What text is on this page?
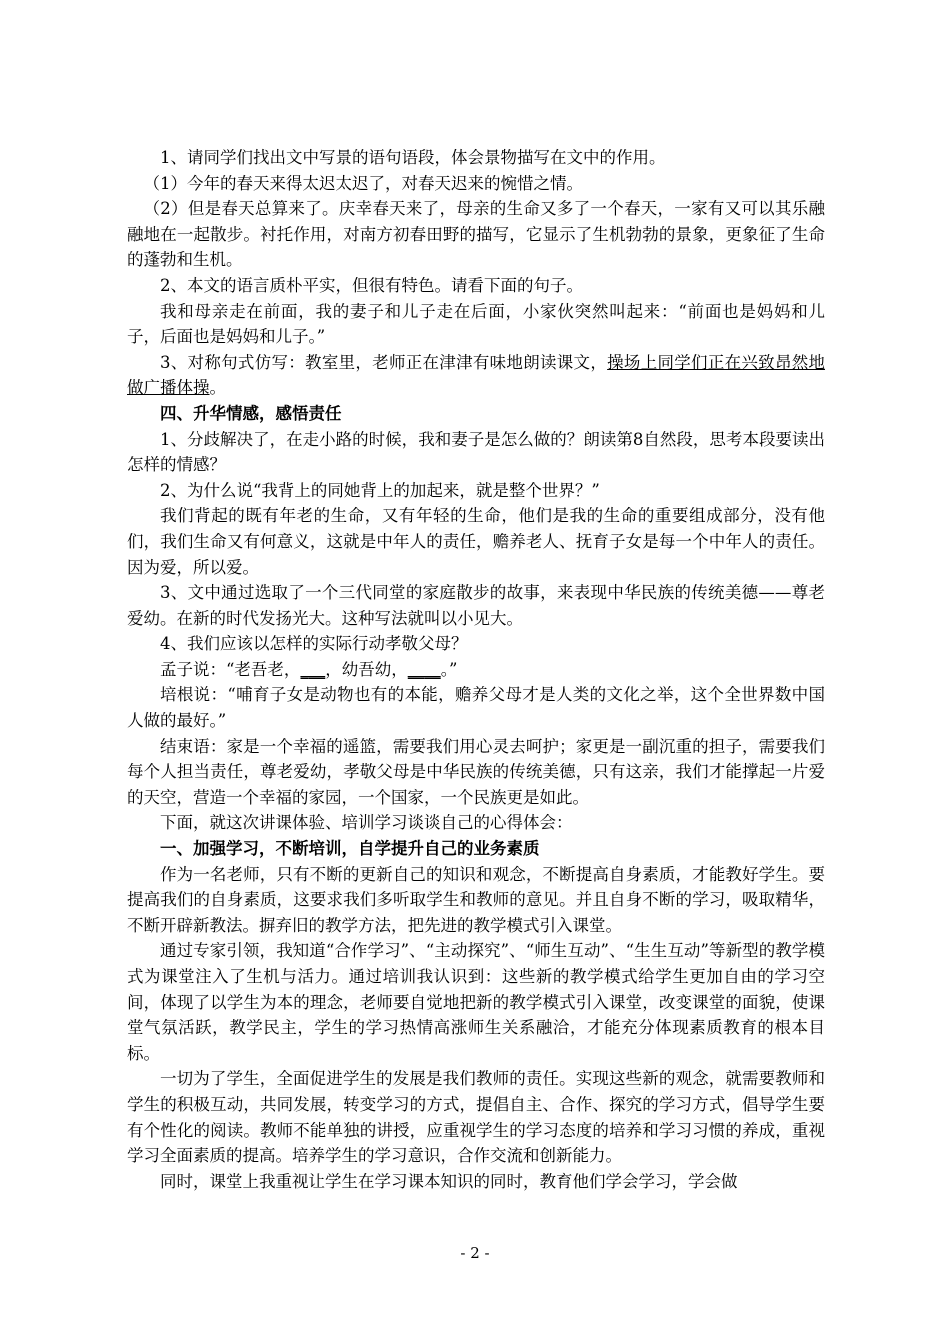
1、请同学们找出文中写景的语句语段，体会景物描写在文中的作用。

（1）今年的春天来得太迟太迟了，对春天迟来的惋惜之情。

（2）但是春天总算来了。庆幸春天来了，母亲的生命又多了一个春天，一家有又可以其乐融融地在一起散步。衬托作用，对南方初春田野的描写，它显示了生机勃勃的景象，更象征了生命的蓬勃和生机。

2、本文的语言质朴平实，但很有特色。请看下面的句子。

我和母亲走在前面，我的妻子和儿子走在后面，小家伙突然叫起来：“前面也是妈妈和儿子，后面也是妈妈和儿子。”

3、对称句式仿写：教室里，老师正在津津有味地朗读课文，操场上同学们正在兴致昂然地做广播体操。

四、升华情感，感悟责任

1、分歧解决了，在走小路的时候，我和妻子是怎么做的？朗读第8自然段，思考本段要读出怎样的情感？

2、为什么说“我背上的同她背上的加起来，就是整个世界？”

我们背起的既有年老的生命，又有年轻的生命，他们是我的生命的重要组成部分，没有他们，我们生命又有何意义，这就是中年人的责任，赡养老人、抚育子女是每一个中年人的责任。因为爱，所以爱。

3、文中通过选取了一个三代同堂的家庭散步的故事，来表现中华民族的传统美德——尊老爱幼。在新的时代发扬光大。这种写法就叫以小见大。

4、我们应该以怎样的实际行动孝敬父母？

孟子说：“老吾老，___，幼吾幼，____。”

培根说：“哺育子女是动物也有的本能，赡养父母才是人类的文化之举，这个全世界数中国人做的最好。”

结束语：家是一个幸福的遥篮，需要我们用心灵去呵护；家更是一副沉重的担子，需要我们每个人担当责任，尊老爱幼，孝敬父母是中华民族的传统美德，只有这亲，我们才能撑起一片爱的天空，营造一个幸福的家园，一个国家，一个民族更是如此。

下面，就这次讲课体验、培训学习谈谈自己的心得体会：

一、加强学习，不断培训，自学提升自己的业务素质

作为一名老师，只有不断的更新自己的知识和观念，不断提高自身素质，才能教好学生。要提高我们的自身素质，这要求我们多听取学生和教师的意见。并且自身不断的学习，吸取精华，不断开辟新教法。摒弃旧的教学方法，把先进的教学模式引入课堂。

通过专家引领，我知道“合作学习”、“主动探究”、“师生互动”、“生生互动”等新型的教学模式为课堂注入了生机与活力。通过培训我认识到：这些新的教学模式给学生更加自由的学习空间，体现了以学生为本的理念，老师要自觉地把新的教学模式引入课堂，改变课堂的面貌，使课堂气氛活跃，教学民主，学生的学习热情高涨师生关系融洽，才能充分体现素质教育的根本目标。

一切为了学生，全面促进学生的发展是我们教师的责任。实现这些新的观念，就需要教师和学生的积极互动，共同发展，转变学习的方式，提倡自主、合作、探究的学习方式，倡导学生要有个性化的阅读。教师不能单独的讲授，应重视学生的学习态度的培养和学习习惯的养成，重视学习全面素质的提高。培养学生的学习意识，合作交流和创新能力。

同时，课堂上我重视让学生在学习课本知识的同时，教育他们学会学习，学会做

- 2 -
